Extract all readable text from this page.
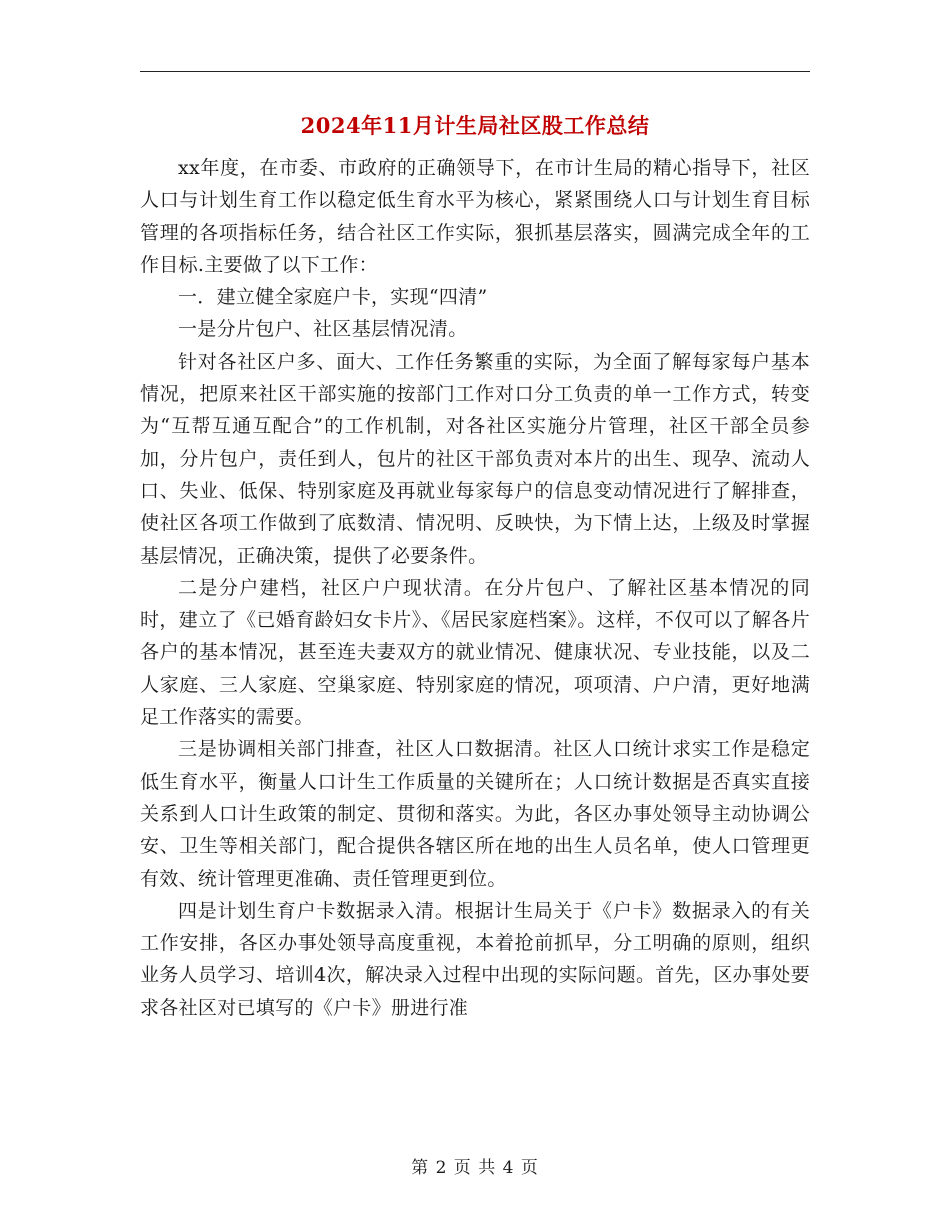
2024年11月计生局社区股工作总结

xx年度，在市委、市政府的正确领导下，在市计生局的精心指导下，社区人口与计划生育工作以稳定低生育水平为核心，紧紧围绕人口与计划生育目标管理的各项指标任务，结合社区工作实际，狠抓基层落实，圆满完成全年的工作目标.主要做了以下工作：

一．建立健全家庭户卡，实现“四清”

一是分片包户、社区基层情况清。

针对各社区户多、面大、工作任务繁重的实际，为全面了解每家每户基本情况，把原来社区干部实施的按部门工作对口分工负责的单一工作方式，转变为“互帮互通互配合”的工作机制，对各社区实施分片管理，社区干部全员参加，分片包户，责任到人，包片的社区干部负责对本片的出生、现孕、流动人口、失业、低保、特别家庭及再就业每家每户的信息变动情况进行了解排查，使社区各项工作做到了底数清、情况明、反映快，为下情上达，上级及时掌握基层情况，正确决策，提供了必要条件。

二是分户建档，社区户户现状清。在分片包户、了解社区基本情况的同时，建立了《已婚育龄妇女卡片》、《居民家庭档案》。这样，不仅可以了解各片各户的基本情况，甚至连夫妻双方的就业情况、健康状况、专业技能，以及二人家庭、三人家庭、空巢家庭、特别家庭的情况，项项清、户户清，更好地满足工作落实的需要。

三是协调相关部门排查，社区人口数据清。社区人口统计求实工作是稳定低生育水平，衡量人口计生工作质量的关键所在；人口统计数据是否真实直接关系到人口计生政策的制定、贯彻和落实。为此，各区办事处领导主动协调公安、卫生等相关部门，配合提供各辖区所在地的出生人员名单，使人口管理更有效、统计管理更准确、责任管理更到位。

四是计划生育户卡数据录入清。根据计生局关于《户卡》数据录入的有关工作安排，各区办事处领导高度重视，本着抢前抓早，分工明确的原则，组织业务人员学习、培训4次，解决录入过程中出现的实际问题。首先，区办事处要求各社区对已填写的《户卡》册进行准

第 2 页 共 4 页
